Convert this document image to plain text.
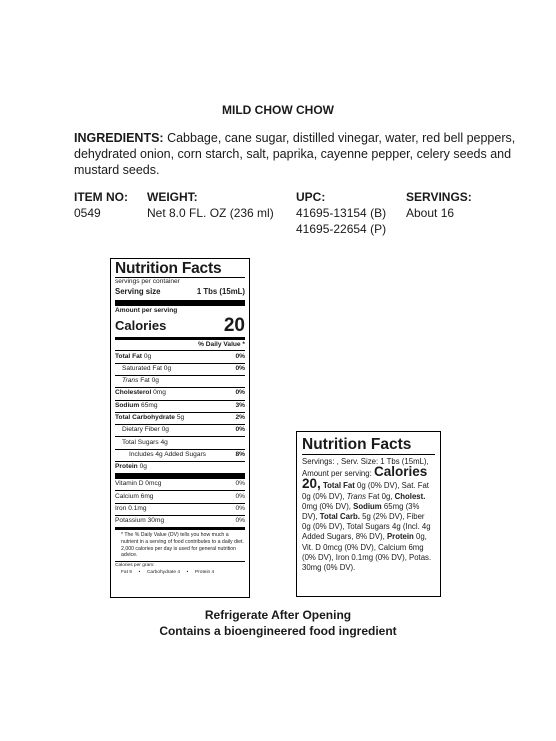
MILD CHOW CHOW
INGREDIENTS: Cabbage, cane sugar, distilled vinegar, water, red bell peppers, dehydrated onion, corn starch, salt, paprika, cayenne pepper, celery seeds and mustard seeds.
ITEM NO:
0549
WEIGHT:
Net 8.0 FL. OZ (236 ml)
UPC:
41695-13154 (B)
41695-22654 (P)
SERVINGS:
About 16
Nutrition Facts
servings per container
Serving size	1 Tbs (15mL)
Amount per serving
Calories	20
% Daily Value *
Total Fat 0g	0%
Saturated Fat 0g	0%
Trans Fat 0g
Cholesterol 0mg	0%
Sodium 65mg	3%
Total Carbohydrate 5g	2%
Dietary Fiber 0g	0%
Total Sugars 4g
Includes 4g Added Sugars	8%
Protein 0g
Vitamin D 0mcg	0%
Calcium 6mg	0%
Iron 0.1mg	0%
Potassium 30mg	0%
* The % Daily Value (DV) tells you how much a nutrient in a serving of food contributes to a daily diet. 2,000 calories per day is used for general nutrition advice.
Calories per gram:
Fat 9     •     Carbohydrate 4     •     Protein 4
Nutrition Facts
Servings: , Serv. Size: 1 Tbs (15mL), Amount per serving: Calories 20, Total Fat 0g (0% DV), Sat. Fat 0g (0% DV), Trans Fat 0g, Cholest. 0mg (0% DV), Sodium 65mg (3% DV), Total Carb. 5g (2% DV), Fiber 0g (0% DV), Total Sugars 4g (Incl. 4g Added Sugars, 8% DV), Protein 0g, Vit. D 0mcg (0% DV), Calcium 6mg (0% DV), Iron 0.1mg (0% DV), Potas. 30mg (0% DV).
Refrigerate After Opening
Contains a bioengineered food ingredient
